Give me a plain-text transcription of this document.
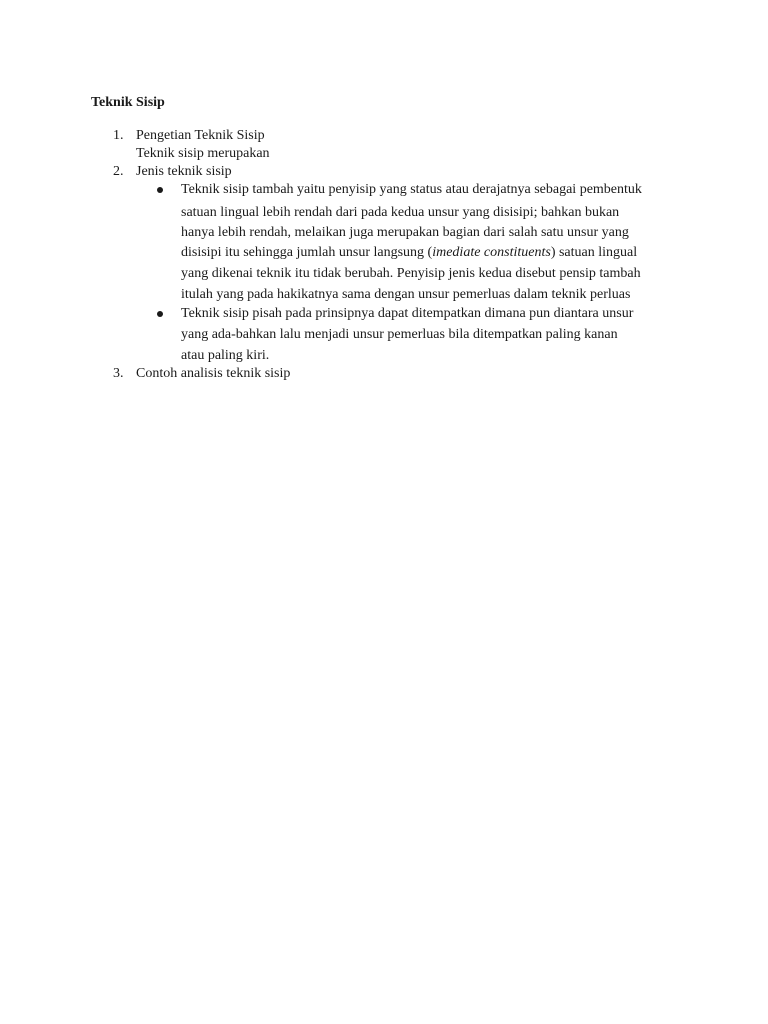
Teknik Sisip
1. Pengetian Teknik Sisip
Teknik sisip merupakan
2. Jenis teknik sisip
Teknik sisip tambah yaitu penyisip yang status atau derajatnya sebagai pembentuk
satuan lingual lebih rendah dari pada kedua unsur yang disisipi; bahkan bukan
hanya lebih rendah, melaikan juga merupakan bagian dari salah satu unsur yang
disisipi itu sehingga jumlah unsur langsung (imediate constituents) satuan lingual
yang dikenai teknik itu tidak berubah. Penyisip jenis kedua disebut pensip tambah
itulah yang pada hakikatnya sama dengan unsur pemerluas dalam teknik perluas
Teknik sisip pisah pada prinsipnya dapat ditempatkan dimana pun diantara unsur
yang ada-bahkan lalu menjadi unsur pemerluas bila ditempatkan paling kanan
atau paling kiri.
3. Contoh analisis teknik sisip
